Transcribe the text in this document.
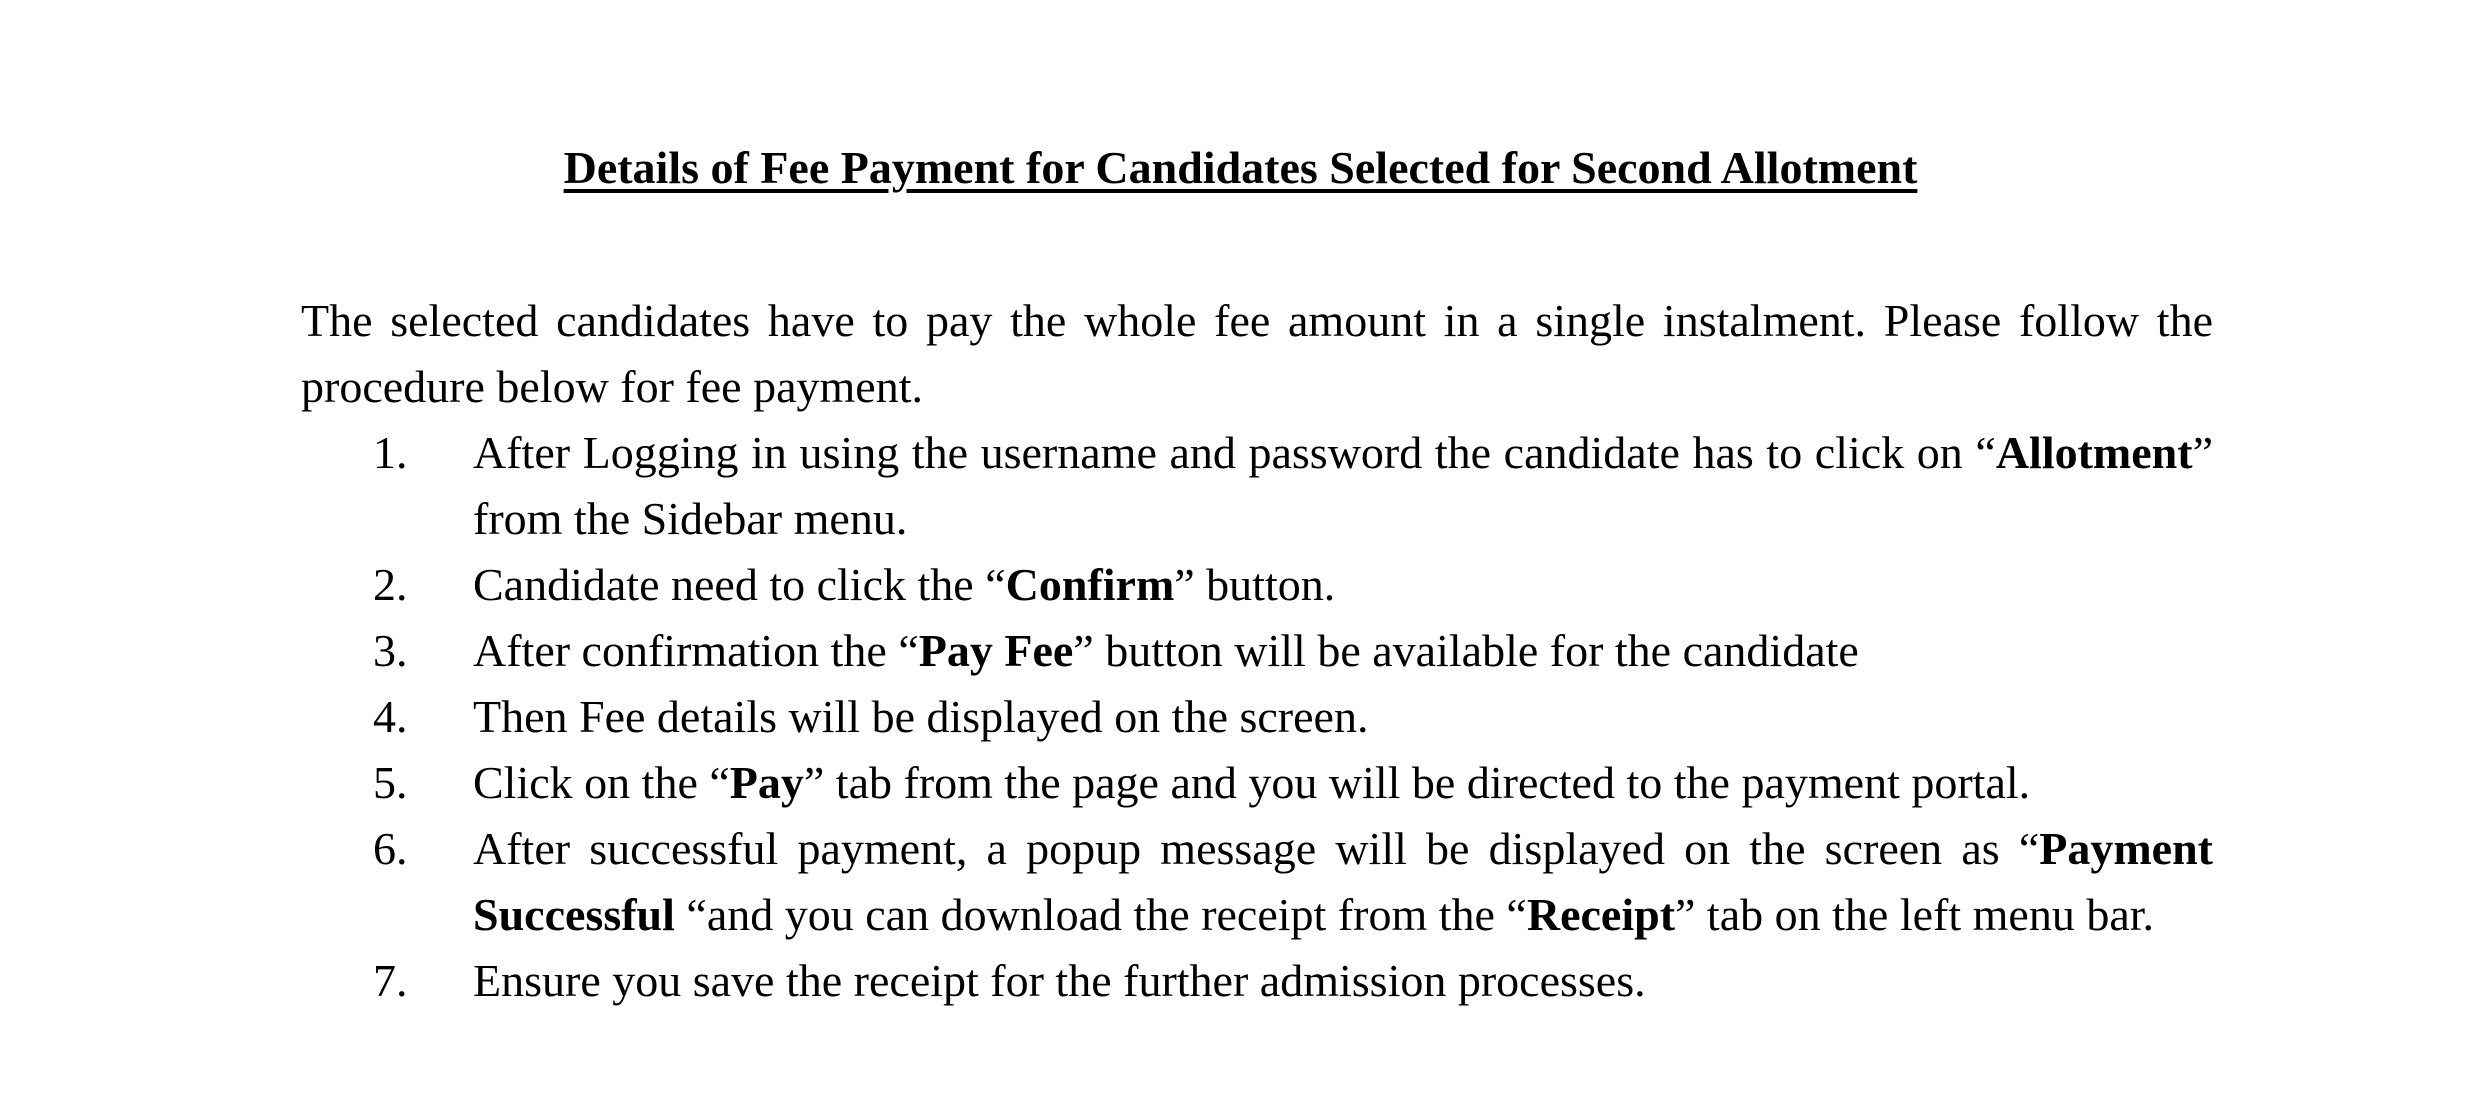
Details of Fee Payment for Candidates Selected for Second Allotment

The selected candidates have to pay the whole fee amount in a single instalment. Please follow the procedure below for fee payment.

1.	After Logging in using the username and password the candidate has to click on “Allotment” from the Sidebar menu.
2.	Candidate need to click the “Confirm” button.
3.	After confirmation the “Pay Fee” button will be available for the candidate
4.	Then Fee details will be displayed on the screen.
5.	Click on the “Pay” tab from the page and you will be directed to the payment portal.
6.	After successful payment, a popup message will be displayed on the screen as “Payment Successful “and you can download the receipt from the “Receipt” tab on the left menu bar.
7.	Ensure you save the receipt for the further admission processes.
